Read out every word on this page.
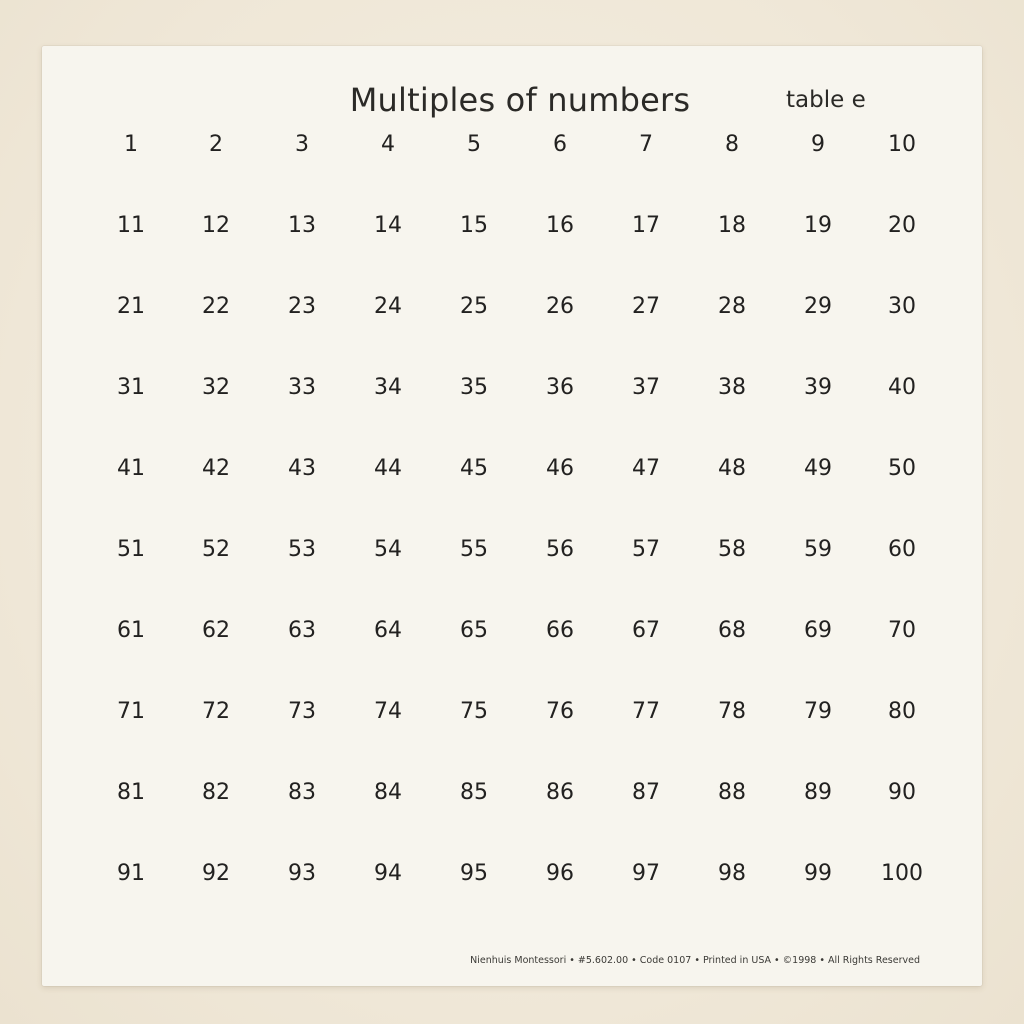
Multiples of numbers	table e
1	2	3	4	5	6	7	8	9	10
11	12	13	14	15	16	17	18	19	20
21	22	23	24	25	26	27	28	29	30
31	32	33	34	35	36	37	38	39	40
41	42	43	44	45	46	47	48	49	50
51	52	53	54	55	56	57	58	59	60
61	62	63	64	65	66	67	68	69	70
71	72	73	74	75	76	77	78	79	80
81	82	83	84	85	86	87	88	89	90
91	92	93	94	95	96	97	98	99	100
Nienhuis Montessori • #5.602.00 • Code 0107 • Printed in USA • ©1998 • All Rights Reserved
